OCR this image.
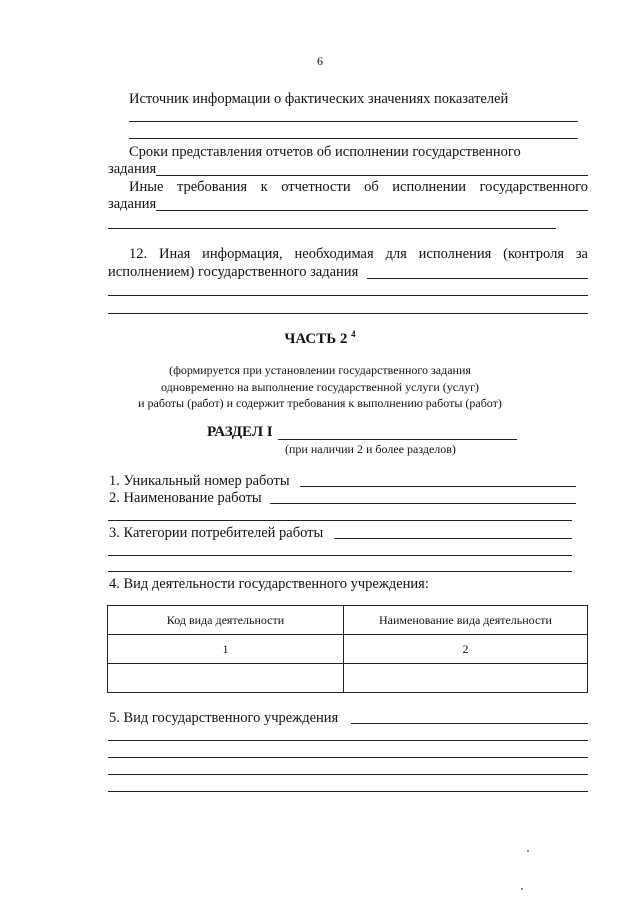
6
Источник информации о фактических значениях показателей
Сроки представления отчетов об исполнении государственного
задания
Иные требования к отчетности об исполнении государственного
задания
12. Иная информация, необходимая для исполнения (контроля за
исполнением) государственного задания
ЧАСТЬ 2 $^4$
(формируется при установлении государственного задания
одновременно на выполнение государственной услуги (услуг)
и работы (работ) и содержит требования к выполнению работы (работ)
РАЗДЕЛ I
(при наличии 2 и более разделов)
1. Уникальный номер работы
2. Наименование работы
3. Категории потребителей работы
4. Вид деятельности государственного учреждения:
Код вида деятельности	Наименование вида деятельности
1	2

5. Вид государственного учреждения
